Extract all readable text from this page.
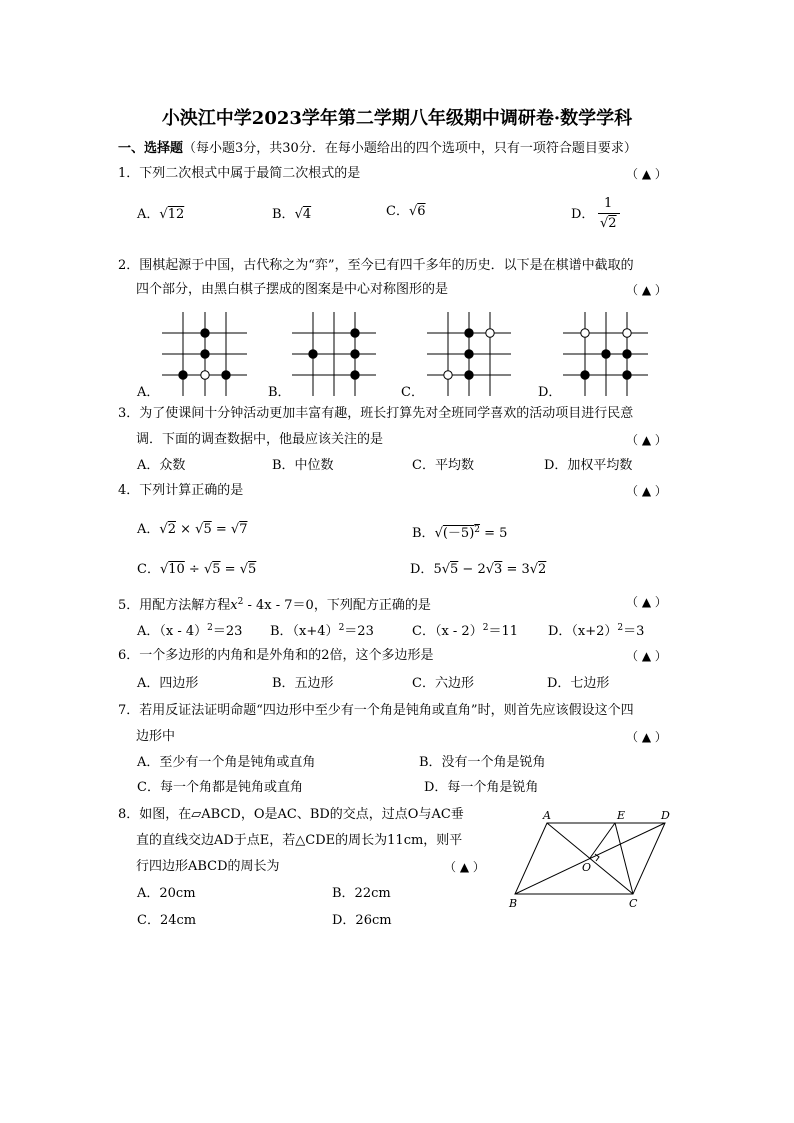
小泱江中学2023学年第二学期八年级期中调研卷·数学学科
一、选择题（每小题3分，共30分．在每小题给出的四个选项中，只有一项符合题目要求）
1．下列二次根式中属于最简二次根式的是	（ ▲ ）
A．√12	B．√4	C．√6	D．
1
√2
2．围棋起源于中国，古代称之为“弈”，至今已有四千多年的历史．以下是在棋谱中截取的
四个部分，由黑白棋子摆成的图案是中心对称图形的是	（ ▲ ）
A．	B．	C．	D．
3．为了使课间十分钟活动更加丰富有趣，班长打算先对全班同学喜欢的活动项目进行民意
调．下面的调查数据中，他最应该关注的是	（ ▲ ）
A．众数	B．中位数	C．平均数	D．加权平均数
4．下列计算正确的是	（ ▲ ）
A．√2 × √5 = √7	B．$√(-5)^2 = 5$
C．√10 ÷ √5 = √5	D．5√5 − 2√3 = 3√2
5．用配方法解方程$x^2 - 4x - 7=0$，下列配方正确的是	（ ▲ ）
A．（x - 4）$^2$＝23 B．$(x+4)^2=23$	C．（x - 2）$^2$＝11 D．$(x+2)^2=3$
6．一个多边形的内角和是外角和的2倍，这个多边形是	（ ▲ ）
A．四边形	B．五边形	C．六边形	D．七边形
7．若用反证法证明命题“四边形中至少有一个角是钝角或直角”时，则首先应该假设这个四
边形中	（ ▲ ）
A．至少有一个角是钝角或直角	B．没有一个角是锐角
C．每一个角都是钝角或直角	D．每一个角是锐角
8．如图，在▱ABCD，O是AC、BD的交点，过点O与AC垂
直的直线交边AD于点E，若△CDE的周长为11cm，则平
行四边形ABCD的周长为	（ ▲ ）
A．20cm	B．22cm
C．24cm	D．26cm
A	E	D
O
B	C
